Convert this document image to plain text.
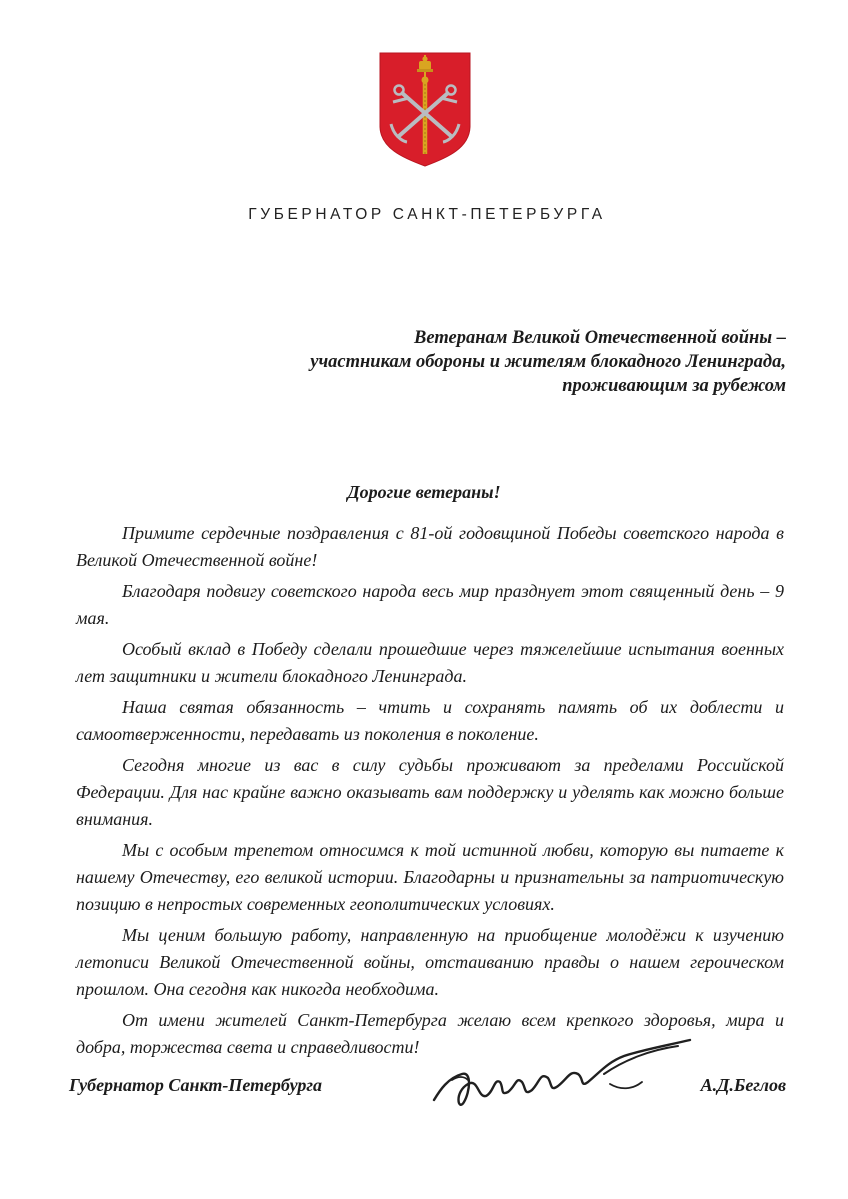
ГУБЕРНАТОР САНКТ-ПЕТЕРБУРГА
Ветеранам Великой Отечественной войны –
участникам обороны и жителям блокадного Ленинграда,
проживающим за рубежом
Дорогие ветераны!

Примите сердечные поздравления с 81-ой годовщиной Победы советского народа в Великой Отечественной войне!

Благодаря подвигу советского народа весь мир празднует этот священный день – 9 мая.

Особый вклад в Победу сделали прошедшие через тяжелейшие испытания военных лет защитники и жители блокадного Ленинграда.

Наша святая обязанность – чтить и сохранять память об их доблести и самоотверженности, передавать из поколения в поколение.

Сегодня многие из вас в силу судьбы проживают за пределами Российской Федерации. Для нас крайне важно оказывать вам поддержку и уделять как можно больше внимания.

Мы с особым трепетом относимся к той истинной любви, которую вы питаете к нашему Отечеству, его великой истории. Благодарны и признательны за патриотическую позицию в непростых современных геополитических условиях.

Мы ценим большую работу, направленную на приобщение молодёжи к изучению летописи Великой Отечественной войны, отстаиванию правды о нашем героическом прошлом. Она сегодня как никогда необходима.

От имени жителей Санкт-Петербурга желаю всем крепкого здоровья, мира и добра, торжества света и справедливости!

Губернатор Санкт-Петербурга	А.Д.Беглов
